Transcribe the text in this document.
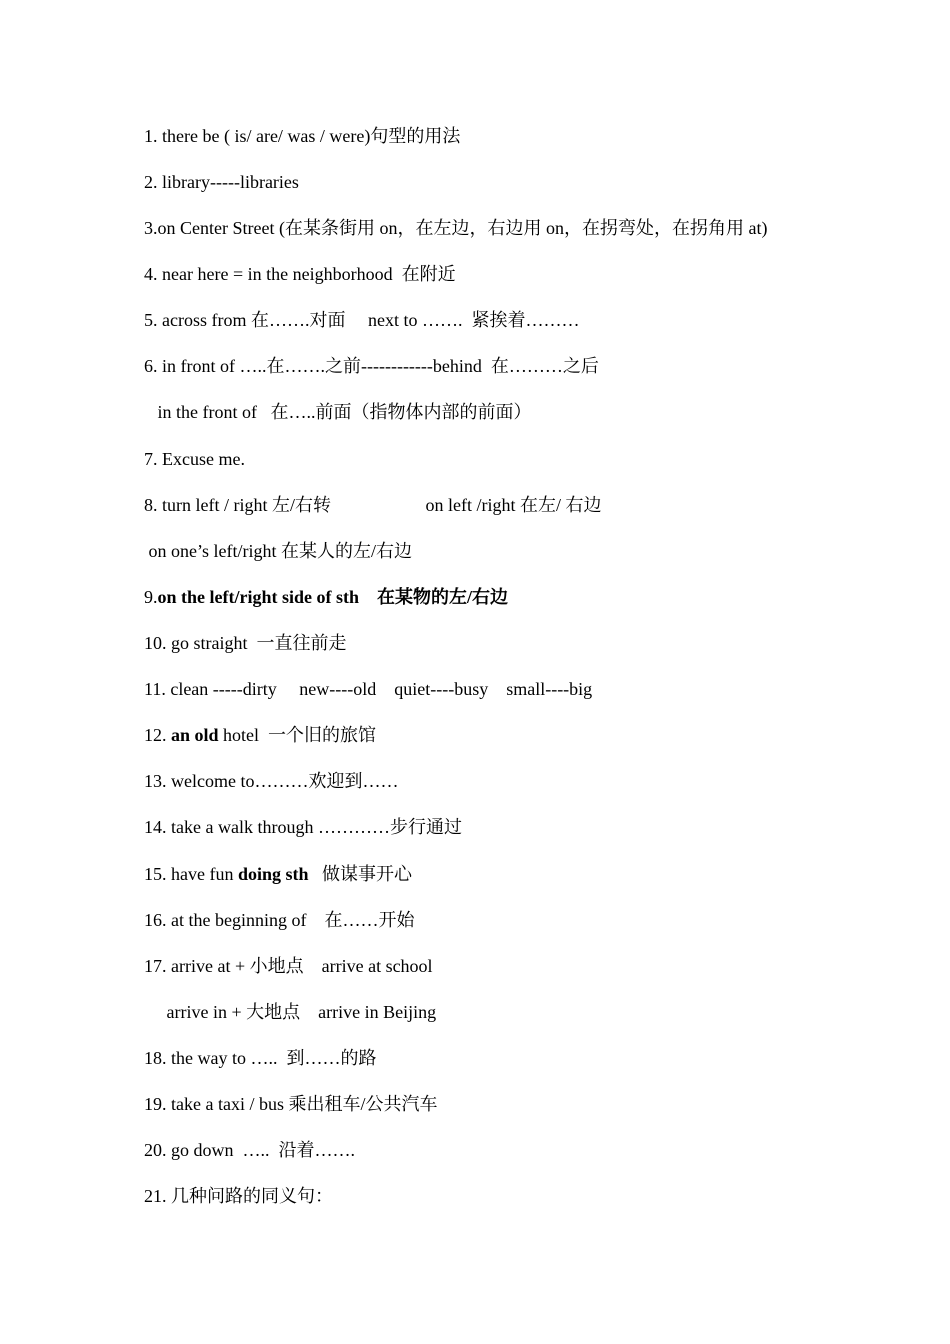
1. there be ( is/ are/ was / were)句型的用法
2. library-----libraries
3.on Center Street (在某条街用 on，在左边，右边用 on，在拐弯处，在拐角用 at)
4. near here = in the neighborhood  在附近
5. across from 在…….对面     next to …….  紧挨着………
6. in front of …..在…….之前------------behind  在………之后
in the front of   在…..前面（指物体内部的前面）
7. Excuse me.
8. turn left / right 左/右转                     on left /right 在左/ 右边
on one’s left/right 在某人的左/右边
9.on the left/right side of sth    在某物的左/右边
10. go straight  一直往前走
11. clean -----dirty     new----old    quiet----busy    small----big
12. an old hotel  一个旧的旅馆
13. welcome to………欢迎到……
14. take a walk through …………步行通过
15. have fun doing sth   做谋事开心
16. at the beginning of    在……开始
17. arrive at + 小地点    arrive at school
arrive in + 大地点    arrive in Beijing
18. the way to …..  到……的路
19. take a taxi / bus 乘出租车/公共汽车
20. go down  …..  沿着…….
21. 几种问路的同义句：
